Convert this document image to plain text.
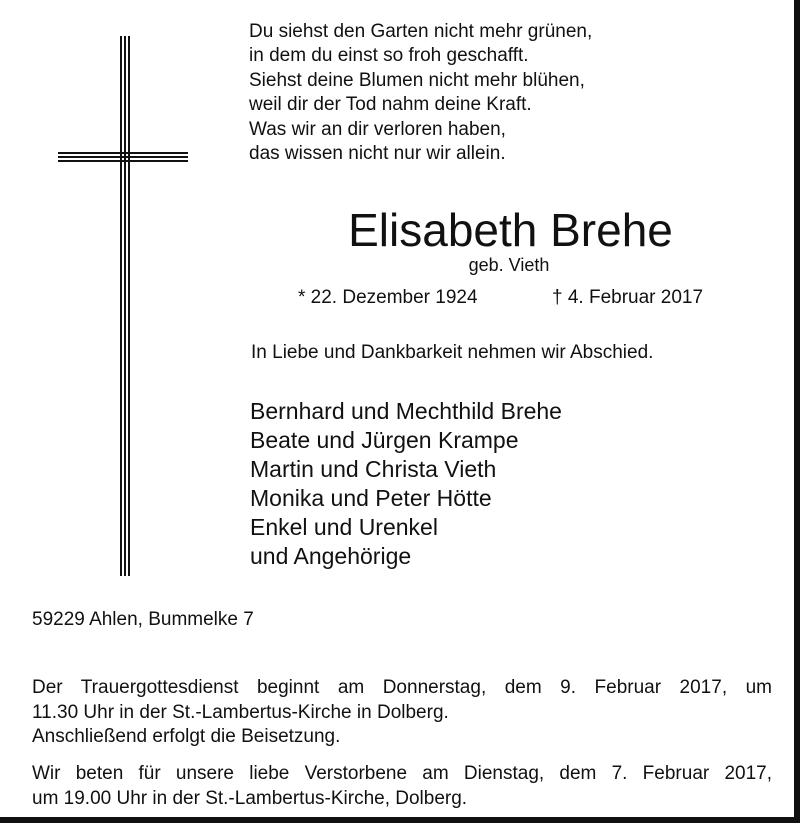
Du siehst den Garten nicht mehr grünen,
in dem du einst so froh geschafft.
Siehst deine Blumen nicht mehr blühen,
weil dir der Tod nahm deine Kraft.
Was wir an dir verloren haben,
das wissen nicht nur wir allein.
Elisabeth Brehe
geb. Vieth
* 22. Dezember 1924	† 4. Februar 2017
In Liebe und Dankbarkeit nehmen wir Abschied.
Bernhard und Mechthild Brehe
Beate und Jürgen Krampe
Martin und Christa Vieth
Monika und Peter Hötte
Enkel und Urenkel
und Angehörige
59229 Ahlen, Bummelke 7
Der Trauergottesdienst beginnt am Donnerstag, dem 9. Februar 2017, um
11.30 Uhr in der St.-Lambertus-Kirche in Dolberg.
Anschließend erfolgt die Beisetzung.
Wir beten für unsere liebe Verstorbene am Dienstag, dem 7. Februar 2017,
um 19.00 Uhr in der St.-Lambertus-Kirche, Dolberg.
